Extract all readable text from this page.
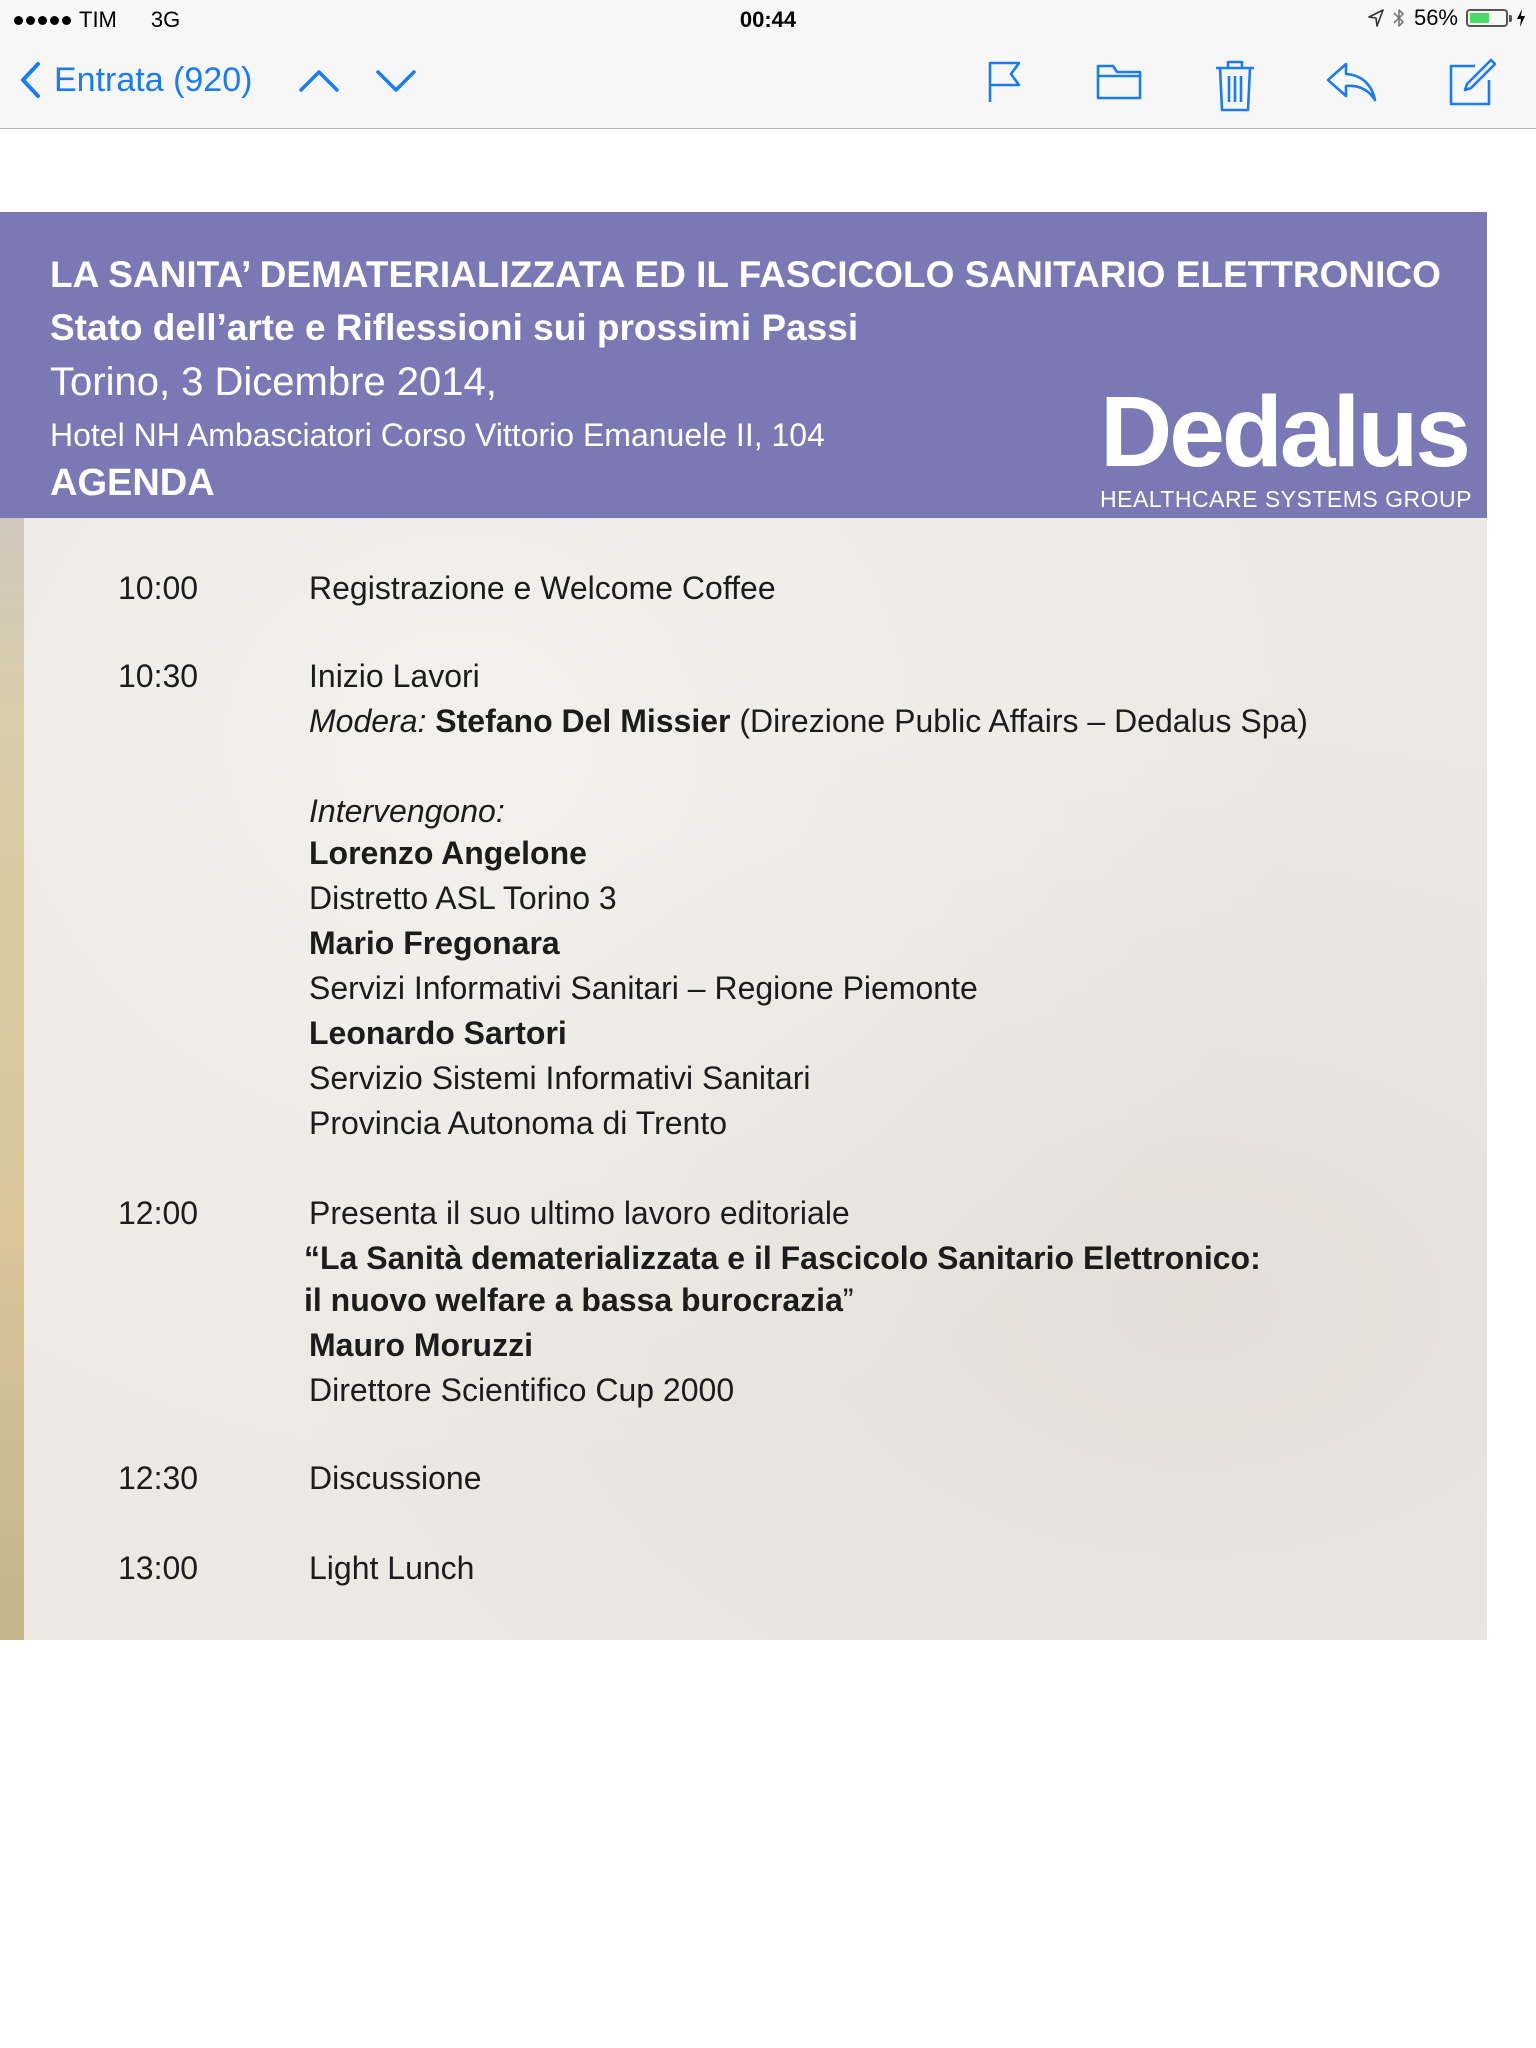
TIM 3G	00:44	56%
Entrata (920)
LA SANITA’ DEMATERIALIZZATA ED IL FASCICOLO SANITARIO ELETTRONICO
Stato dell’arte e Riflessioni sui prossimi Passi
Torino, 3 Dicembre 2014,
Hotel NH Ambasciatori Corso Vittorio Emanuele II, 104
AGENDA	Dedalus
HEALTHCARE SYSTEMS GROUP
10:00	Registrazione e Welcome Coffee
10:30	Inizio Lavori
Modera: Stefano Del Missier (Direzione Public Affairs – Dedalus Spa)
Intervengono:
Lorenzo Angelone
Distretto ASL Torino 3
Mario Fregonara
Servizi Informativi Sanitari – Regione Piemonte
Leonardo Sartori
Servizio Sistemi Informativi Sanitari
Provincia Autonoma di Trento
12:00	Presenta il suo ultimo lavoro editoriale
“La Sanità dematerializzata e il Fascicolo Sanitario Elettronico:
il nuovo welfare a bassa burocrazia”
Mauro Moruzzi
Direttore Scientifico Cup 2000
12:30	Discussione
13:00	Light Lunch
